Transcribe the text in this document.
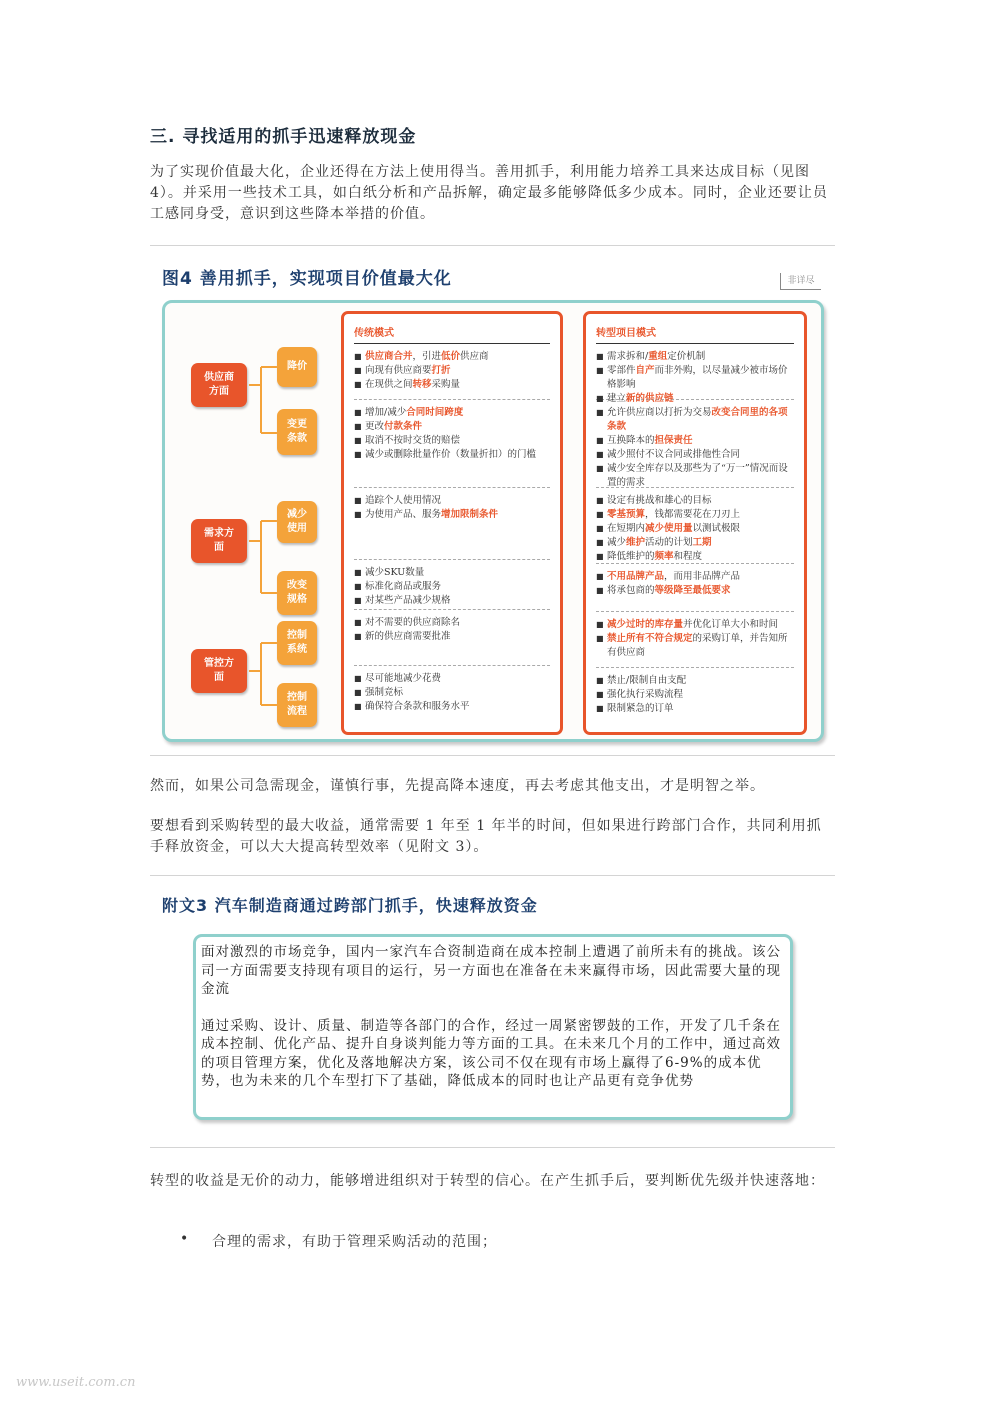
三. 寻找适用的抓手迅速释放现金
为了实现价值最大化，企业还得在方法上使用得当。善用抓手，利用能力培养工具来达成目标（见图 4）。并采用一些技术工具，如白纸分析和产品拆解，确定最多能够降低多少成本。同时，企业还要让员工感同身受，意识到这些降本举措的价值。
图4 善用抓手，实现项目价值最大化	非详尽
供应商方面
需求方面
管控方面
降价
变更条款
减少使用
改变规格
控制系统
控制流程
传统模式
■ 供应商合并，引进低价供应商
■ 向现有供应商要打折
■ 在现供之间转移采购量
■ 增加/减少合同时间跨度
■ 更改付款条件
■ 取消不按时交货的赔偿
■ 减少或删除批量作价（数量折扣）的门槛
■ 追踪个人使用情况
■ 为使用产品、服务增加限制条件
■ 减少SKU数量
■ 标准化商品或服务
■ 对某些产品减少规格
■ 对不需要的供应商除名
■ 新的供应商需要批准
■ 尽可能地减少花费
■ 强制竞标
■ 确保符合条款和服务水平
转型项目模式
■ 需求拆和/重组定价机制
■ 零部件自产而非外购，以尽量减少被市场价格影响
■ 建立新的供应链
■ 允许供应商以打折为交易改变合同里的各项条款
■ 互换降本的担保责任
■ 减少照付不议合同或排他性合同
■ 减少安全库存以及那些为了“万一”情况而设置的需求
■ 设定有挑战和雄心的目标
■ 零基预算，钱都需要花在刀刃上
■ 在短期内减少使用量以测试极限
■ 减少维护活动的计划工期
■ 降低维护的频率和程度
■ 不用品牌产品，而用非品牌产品
■ 将承包商的等级降至最低要求
■ 减少过时的库存量并优化订单大小和时间
■ 禁止所有不符合规定的采购订单，并告知所有供应商
■ 禁止/限制自由支配
■ 强化执行采购流程
■ 限制紧急的订单
然而，如果公司急需现金，谨慎行事，先提高降本速度，再去考虑其他支出，才是明智之举。
要想看到采购转型的最大收益，通常需要 1 年至 1 年半的时间，但如果进行跨部门合作，共同利用抓手释放资金，可以大大提高转型效率（见附文 3）。
附文3 汽车制造商通过跨部门抓手，快速释放资金

面对激烈的市场竞争，国内一家汽车合资制造商在成本控制上遭遇了前所未有的挑战。该公司一方面需要支持现有项目的运行，另一方面也在准备在未来赢得市场，因此需要大量的现金流

通过采购、设计、质量、制造等各部门的合作，经过一周紧密锣鼓的工作，开发了几千条在成本控制、优化产品、提升自身谈判能力等方面的工具。在未来几个月的工作中，通过高效的项目管理方案，优化及落地解决方案，该公司不仅在现有市场上赢得了6-9%的成本优势，也为未来的几个车型打下了基础，降低成本的同时也让产品更有竞争优势

转型的收益是无价的动力，能够增进组织对于转型的信心。在产生抓手后，要判断优先级并快速落地：
•	合理的需求，有助于管理采购活动的范围；
www.useit.com.cn
